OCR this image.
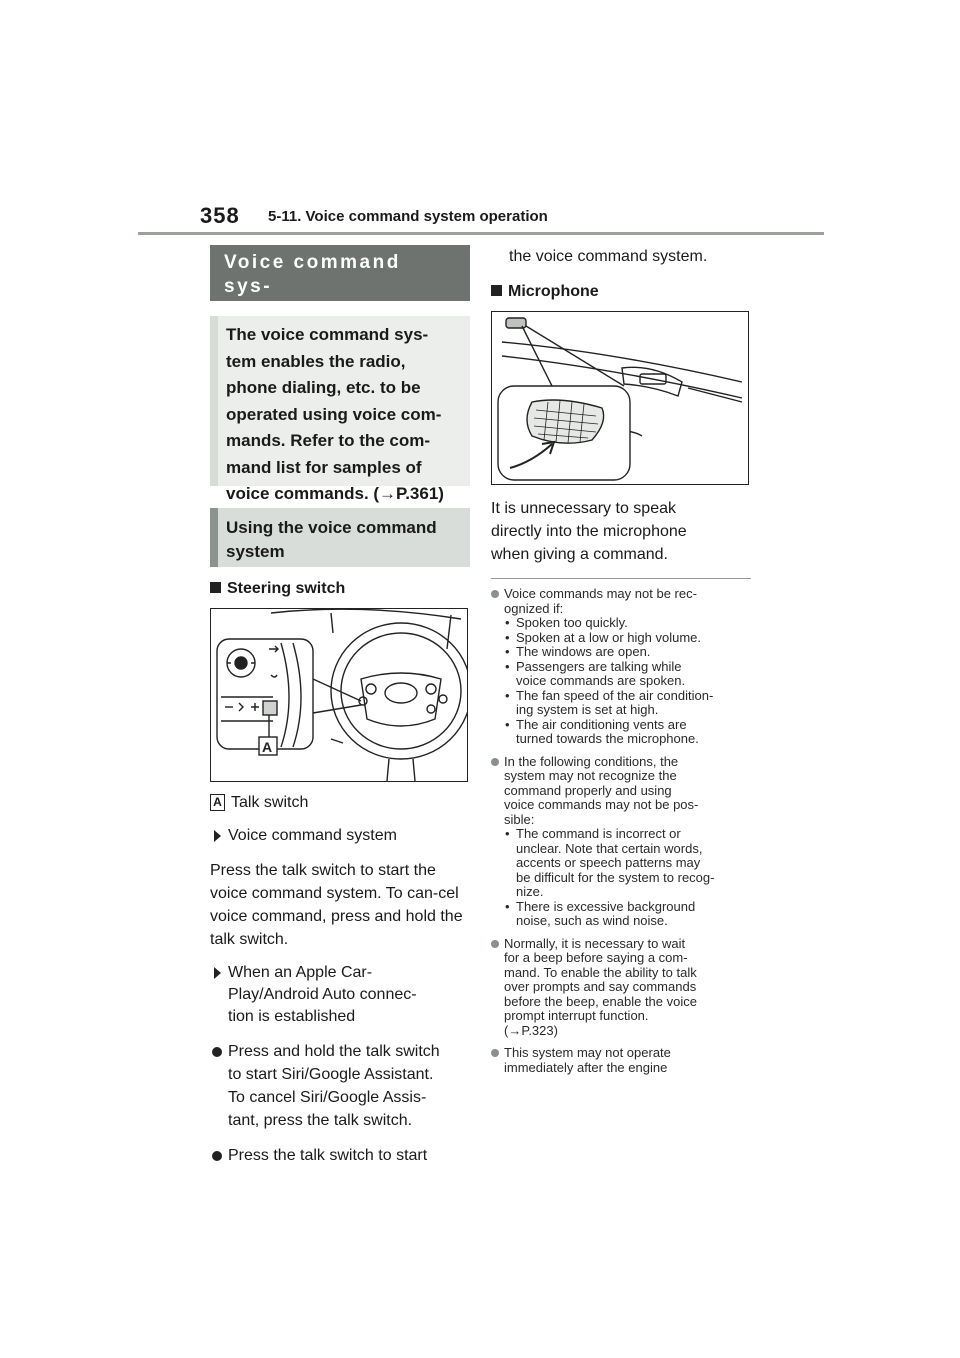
358 5-11. Voice command system operation
Voice command sys-
tem
The voice command sys-
tem enables the radio,
phone dialing, etc. to be
operated using voice com-
mands. Refer to the com-
mand list for samples of
voice commands. (→P.361)
Using the voice command
system
Steering switch
A
A Talk switch
Voice command system
Press the talk switch to start the voice command system. To can-cel voice command, press and hold the talk switch.
When an Apple Car-
Play/Android Auto connec-
tion is established
Press and hold the talk switch
to start Siri/Google Assistant.
To cancel Siri/Google Assis-
tant, press the talk switch.
Press the talk switch to start
the voice command system.
Microphone
It is unnecessary to speak
directly into the microphone
when giving a command.
Voice commands may not be rec-
ognized if:
• Spoken too quickly.
• Spoken at a low or high volume.
• The windows are open.
• Passengers are talking while
voice commands are spoken.
• The fan speed of the air condition-
ing system is set at high.
• The air conditioning vents are
turned towards the microphone.
In the following conditions, the
system may not recognize the
command properly and using
voice commands may not be pos-
sible:
• The command is incorrect or
unclear. Note that certain words,
accents or speech patterns may
be difficult for the system to recog-
nize.
• There is excessive background
noise, such as wind noise.
Normally, it is necessary to wait
for a beep before saying a com-
mand. To enable the ability to talk
over prompts and say commands
before the beep, enable the voice
prompt interrupt function.
(→P.323)
This system may not operate
immediately after the engine
